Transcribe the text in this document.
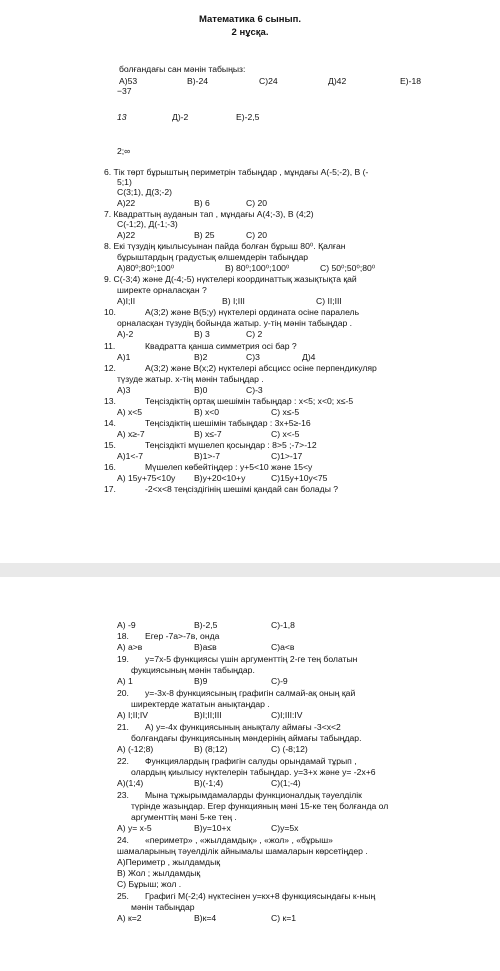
Математика 6 сынып.
2 нұсқа.
болғандағы сан мәнін табыңыз:
А)53	В)-24	С)24	Д)42	Е)-18
−37
13	Д)-2	Е)-2,5
2;∞
6. Тік төрт бұрыштың периметрін табыңдар , мұндағы А(-5;-2), В (-
5;1)
С(3;1), Д(3;-2)
А)22	В) 6	С) 20
7. Квадраттың ауданын тап , мұндағы А(4;-3), В (4;2)
С(-1;2), Д(-1;-3)
А)22	В) 25	С) 20
8. Екі түзудің қиылысуынан пайда болған бұрыш 80⁰. Қалған
бұрыштардың градустық өлшемдерін табыңдар
А)80⁰;80⁰;100⁰	В) 80⁰;100⁰;100⁰	С) 50⁰;50⁰;80⁰
9. С(-3;4) және Д(-4;-5) нүктелері координаттық жазықтықта қай
ширекте орналасқан ?
А)I;II	В) I;III	С) II;III
10.	А(3;2) және В(5;у) нүктелері ордината осіне паралель
орналасқан түзудің бойында жатыр. у-тің мәнін табыңдар .
А)-2	В) 3	С) 2
11.	Квадратта қанша симметрия осі бар ?
А)1	В)2	С)3	Д)4
12.	А(3;2) және В(х;2) нүктелері абсцисс осіне перпендикуляр
түзуде жатыр. х-тің мәнін табыңдар .
А)3	В)0	С)-3
13.	Теңсіздіктің ортақ шешімін табыңдар : х<5; х<0; х≤-5
А) х<5	В) х<0	С) х≤-5
14.	Теңсіздіктің шешімін табыңдар : 3х+5≥-16
А) х≥-7	В) х≤-7	С) х<-5
15.	Теңсіздікті мүшелеп қосыңдар : 8>5 ;-7>-12
А)1<-7	В)1>-7	С)1>-17
16.	Мүшелеп көбейтіңдер : у+5<10 және 15<у
А) 15у+75<10у В)у+20<10+у	С)15у+10у<75
17.	-2<х<8 теңсіздігінің шешімі қандай сан болады ?
А) -9	В)-2,5	С)-1,8
18. Егер -7а>-7в, онда
А) а>в	В)а≤в	С)а<в
19. у=7х-5 функциясы үшін аргументтің 2-ге тең болатын
фукциясының мәнін табыңдар.
А) 1	В)9	С)-9
20. у=-3х-8 функциясының графигін салмай-ақ оның қай
ширектерде жататын анықтаңдар .
А) I;II;IV	В)I;II;III	С)I;III:IV
21. А) у=-4х функциясының анықталу аймағы -3<х<2
болғандағы функциясының мәндерінің аймағы табыңдар.
А) (-12;8)	В) (8;12)	С) (-8;12)
22. Функциялардың графигін салуды орындамай тұрып ,
олардың қиылысу нүктелерін табыңдар. у=3+х және у= -2х+6
А)(1;4)	В)(-1;4)	С)(1;-4)
23. Мына тұжырымдамаларды функционалдық тәуелділік
түрінде жазыңдар. Егер функцияның мәні 15-ке тең болғанда ол
аргументтің мәні 5-ке тең .
А) у= х-5	В)у=10+х	С)у=5х
24. «периметр» , «жылдамдық» , «жол» , «бұрыш»
шамаларының тәуелділік айнымалы шамаларын көрсетіңдер .
А)Периметр , жылдамдық
В) Жол ; жылдамдық
С) Бұрыш; жол .
25. Графигі М(-2;4) нүктесінен у=кх+8 функциясындағы к-ның
мәнін табыңдар
А) к=2	В)к=4	С) к=1
